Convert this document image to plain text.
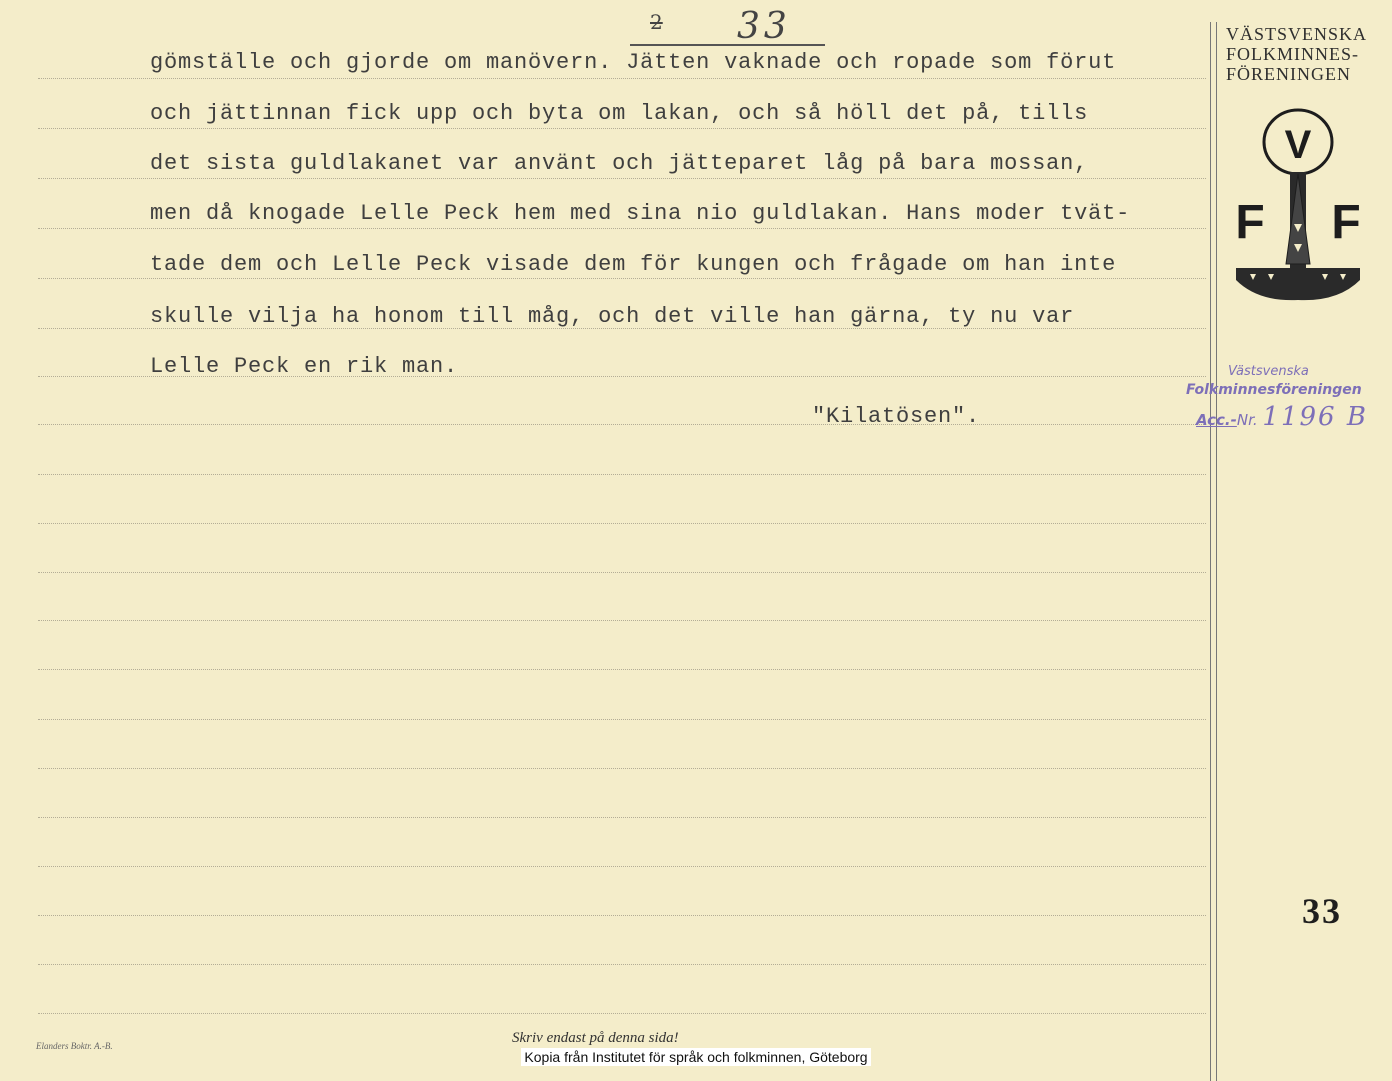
2 33
gömställe och gjorde om manövern. Jätten vaknade och ropade som förut
och jättinnan fick upp och byta om lakan, och så höll det på, tills
det sista guldlakanet var använt och jätteparet låg på bara mossan,
men då knogade Lelle Peck hem med sina nio guldlakan. Hans moder tvät-
tade dem och Lelle Peck visade dem för kungen och frågade om han inte
skulle vilja ha honom till måg, och det ville han gärna, ty nu var
Lelle Peck en rik man.
"Kilatösen".
VÄSTSVENSKA
FOLKMINNES-
FÖRENINGEN
V
F F
Västsvenska
Folkminnesföreningen
Acc.-Nr. 1196 B
33
Elanders Boktr. A.-B.	Skriv endast på denna sida!
Kopia från Institutet för språk och folkminnen, Göteborg
